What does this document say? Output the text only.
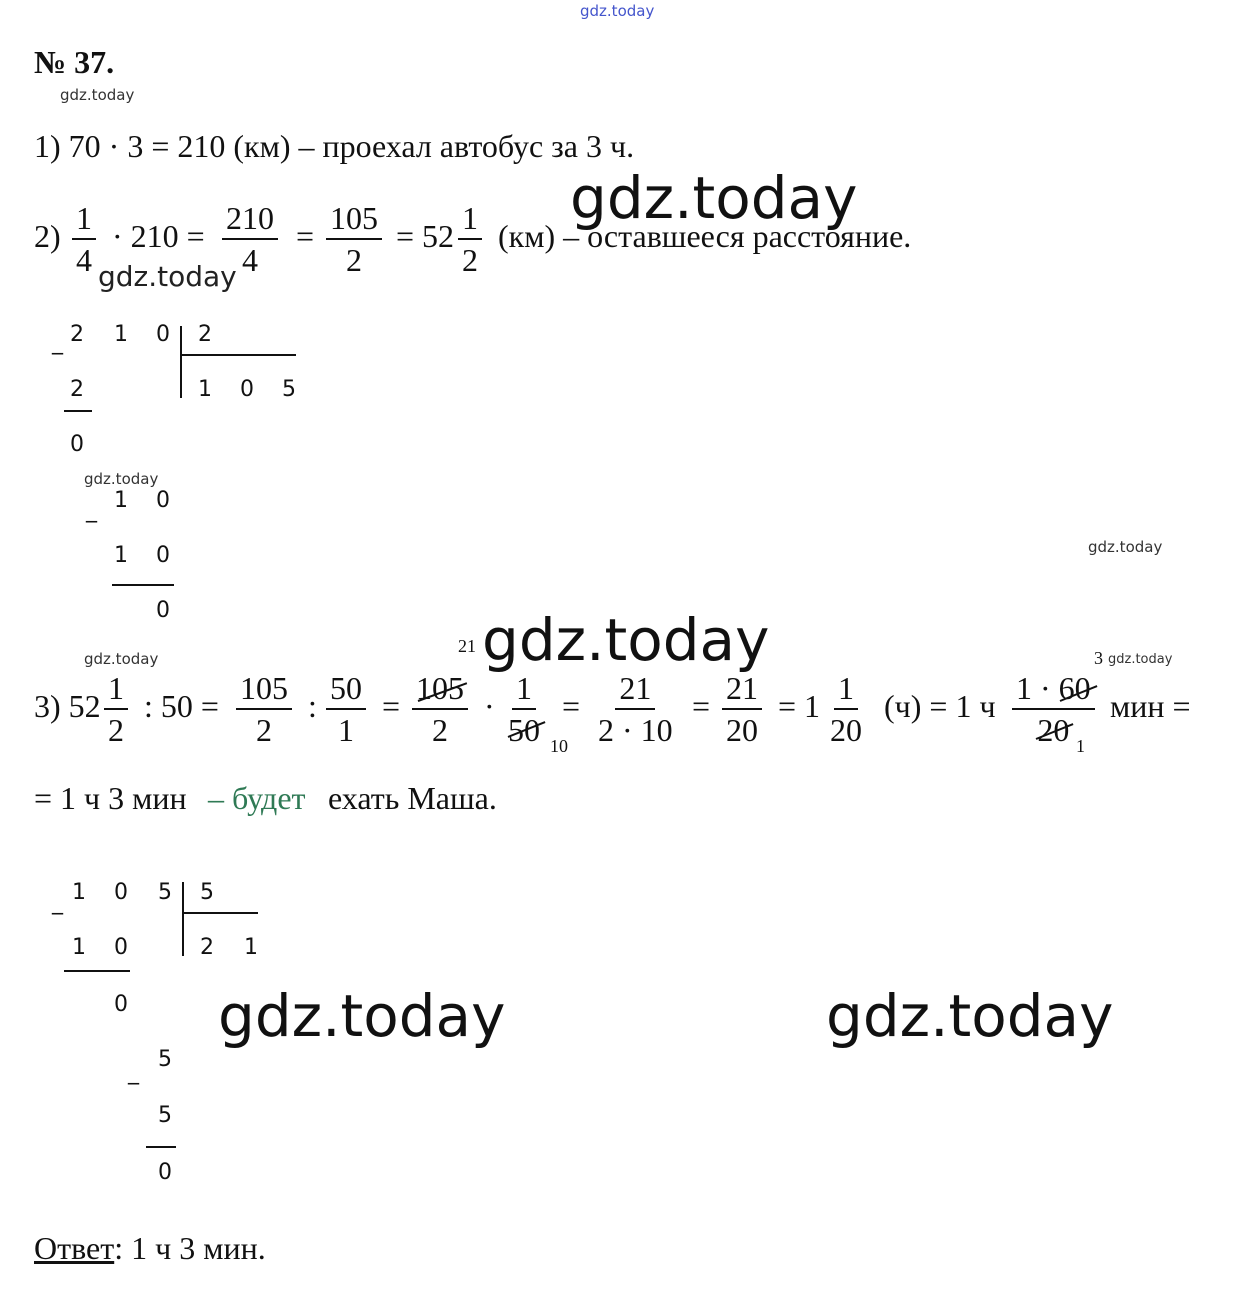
gdz.today
№ 37.
gdz.today
1) 70 · 3 = 210 (км) – проехал автобус за 3 ч.
gdz.today
$2) \frac{1}{4} \cdot 210 = \frac{210}{4} = \frac{105}{2} = 52 \frac{1}{2} (км)$ – оставшееся расстояние.
gdz.today
_ 2 1 0 2
1 0 5
2
0
gdz.today
_ 1 0
1 0
0
gdz.today
gdz.today
gdz.today	gdz.today
3) $52 \frac{1}{2}$ : $50 = \frac{105}{2}$ : $\frac{50}{1}$ =
21
$\frac{105}{2} \cdot \frac{1}{50} 10$
= $\frac{21}{2 \cdot 10} = \frac{21}{20} = 1 \frac{1}{20} (ч) = 1$ ч
3
$\frac{1 \cdot 60}{20}$
1
мин =
= 1 ч 3 мин – будет ехать Маша.
_ 1 0 5 5
2 1
1 0
0
_
5
5
0
gdz.today	gdz.today
Ответ: 1 ч 3 мин.
